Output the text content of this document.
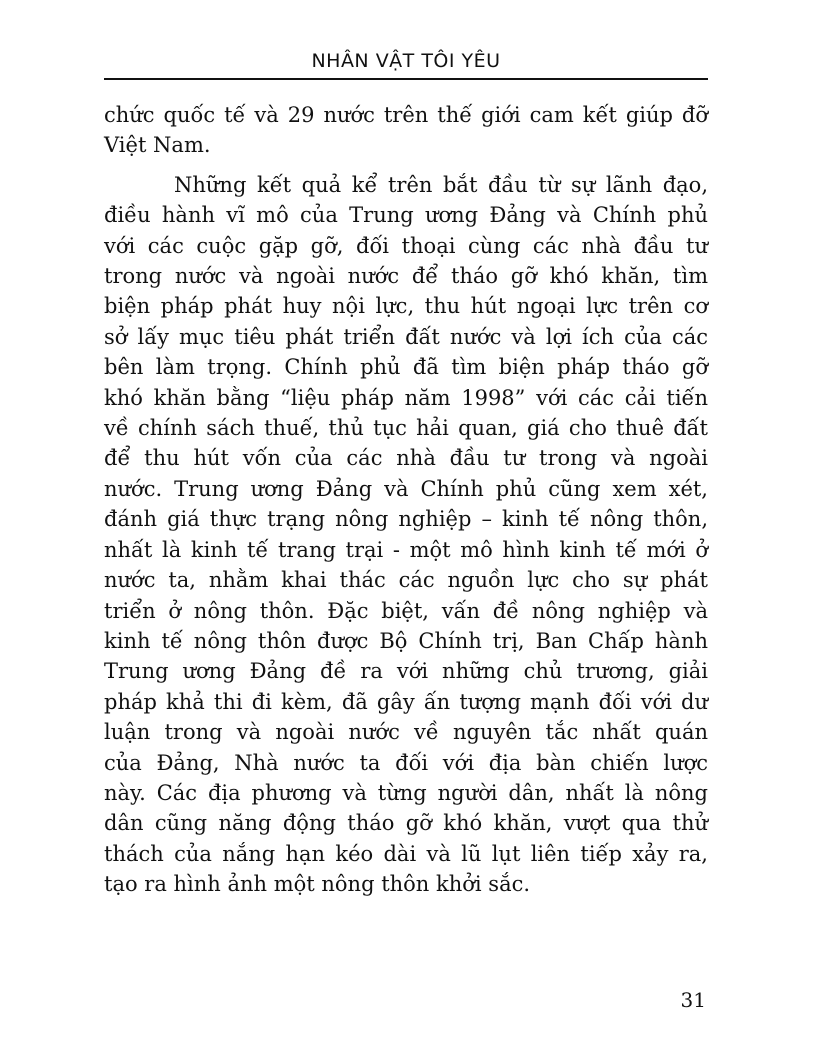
NHÂN VẬT TÔI YÊU
chức quốc tế và 29 nước trên thế giới cam kết giúp đỡ
Việt Nam.
Những kết quả kể trên bắt đầu từ sự lãnh đạo,
điều hành vĩ mô của Trung ương Đảng và Chính phủ
với các cuộc gặp gỡ, đối thoại cùng các nhà đầu tư
trong nước và ngoài nước để tháo gỡ khó khăn, tìm
biện pháp phát huy nội lực, thu hút ngoại lực trên cơ
sở lấy mục tiêu phát triển đất nước và lợi ích của các
bên làm trọng. Chính phủ đã tìm biện pháp tháo gỡ
khó khăn bằng “liệu pháp năm 1998” với các cải tiến
về chính sách thuế, thủ tục hải quan, giá cho thuê đất
để thu hút vốn của các nhà đầu tư trong và ngoài
nước. Trung ương Đảng và Chính phủ cũng xem xét,
đánh giá thực trạng nông nghiệp – kinh tế nông thôn,
nhất là kinh tế trang trại - một mô hình kinh tế mới ở
nước ta, nhằm khai thác các nguồn lực cho sự phát
triển ở nông thôn. Đặc biệt, vấn đề nông nghiệp và
kinh tế nông thôn được Bộ Chính trị, Ban Chấp hành
Trung ương Đảng đề ra với những chủ trương, giải
pháp khả thi đi kèm, đã gây ấn tượng mạnh đối với dư
luận trong và ngoài nước về nguyên tắc nhất quán
của Đảng, Nhà nước ta đối với địa bàn chiến lược
này. Các địa phương và từng người dân, nhất là nông
dân cũng năng động tháo gỡ khó khăn, vượt qua thử
thách của nắng hạn kéo dài và lũ lụt liên tiếp xảy ra,
tạo ra hình ảnh một nông thôn khởi sắc.
31
